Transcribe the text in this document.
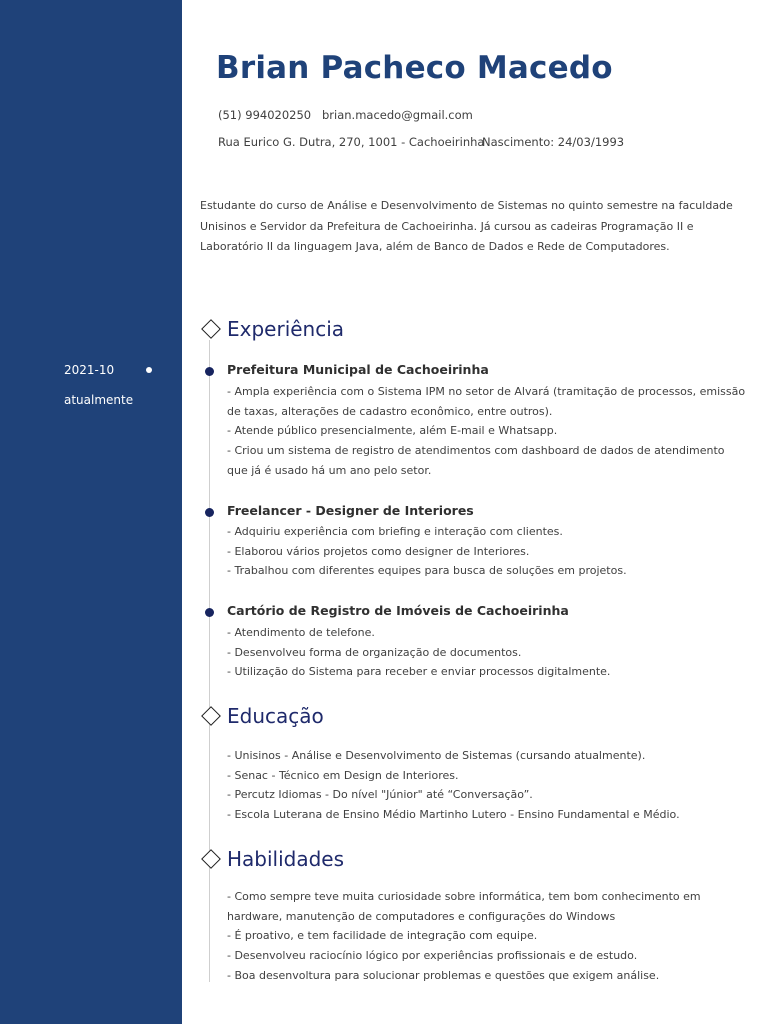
2021-10
atualmente
Brian Pacheco Macedo
(51) 994020250 brian.macedo@gmail.com
Rua Eurico G. Dutra, 270, 1001 - Cachoeirinha
Nascimento: 24/03/1993
Estudante do curso de Análise e Desenvolvimento de Sistemas no quinto semestre na faculdade Unisinos e Servidor da Prefeitura de Cachoeirinha. Já cursou as cadeiras Programação II e Laboratório II da linguagem Java, além de Banco de Dados e Rede de Computadores.
Experiência
Prefeitura Municipal de Cachoeirinha
- Ampla experiência com o Sistema IPM no setor de Alvará (tramitação de processos, emissão de taxas, alterações de cadastro econômico, entre outros).
- Atende público presencialmente, além E-mail e Whatsapp.
- Criou um sistema de registro de atendimentos com dashboard de dados de atendimento que já é usado há um ano pelo setor.
Freelancer - Designer de Interiores
- Adquiriu experiência com briefing e interação com clientes.
- Elaborou vários projetos como designer de Interiores.
- Trabalhou com diferentes equipes para busca de soluções em projetos.
Cartório de Registro de Imóveis de Cachoeirinha
- Atendimento de telefone.
- Desenvolveu forma de organização de documentos.
- Utilização do Sistema para receber e enviar processos digitalmente.
Educação
- Unisinos - Análise e Desenvolvimento de Sistemas (cursando atualmente).
- Senac - Técnico em Design de Interiores.
- Percutz Idiomas - Do nível "Júnior" até “Conversação”.
- Escola Luterana de Ensino Médio Martinho Lutero - Ensino Fundamental e Médio.
Habilidades
- Como sempre teve muita curiosidade sobre informática, tem bom conhecimento em hardware, manutenção de computadores e configurações do Windows
- É proativo, e tem facilidade de integração com equipe.
- Desenvolveu raciocínio lógico por experiências profissionais e de estudo.
- Boa desenvoltura para solucionar problemas e questões que exigem análise.
